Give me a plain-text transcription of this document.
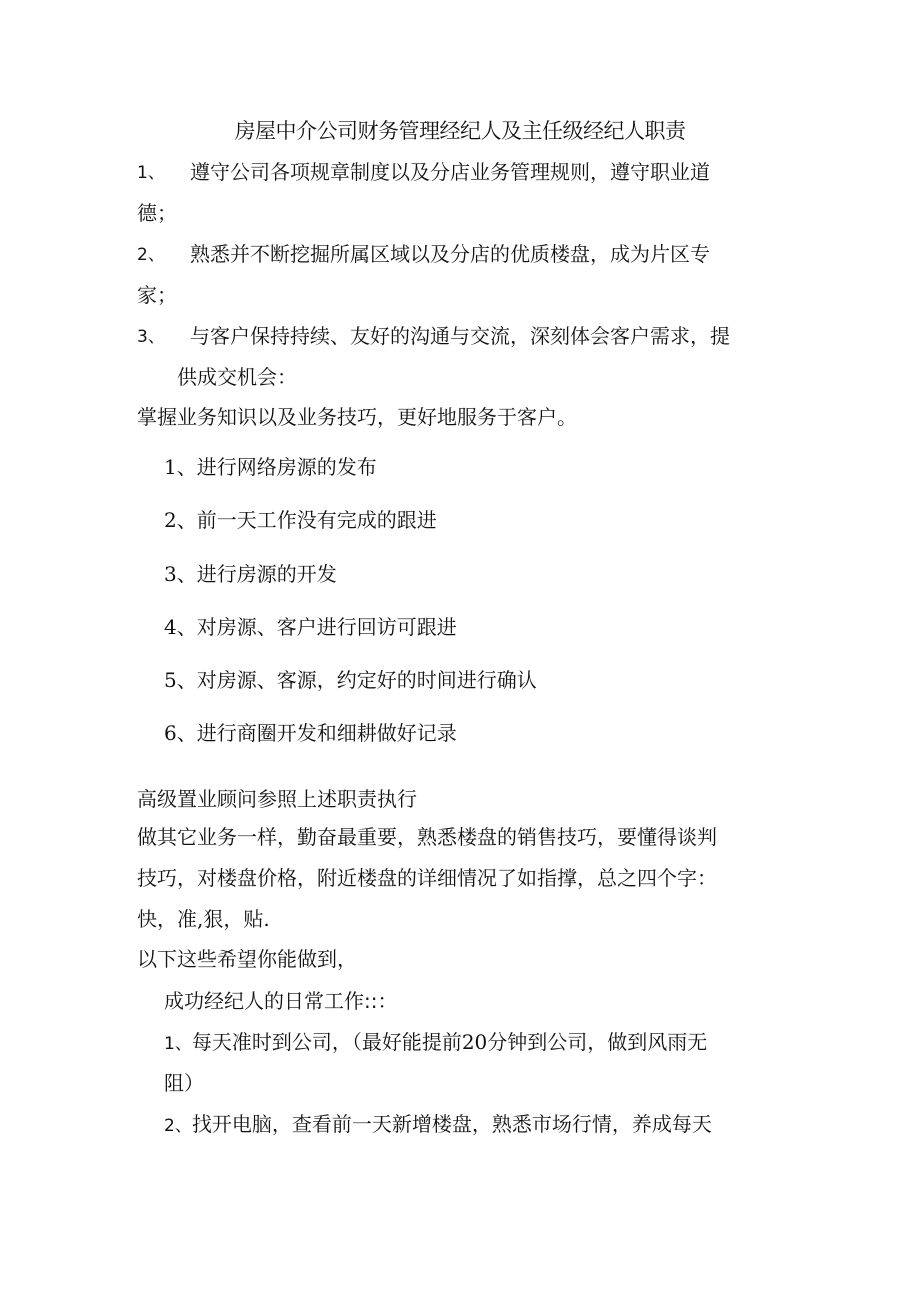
房屋中介公司财务管理经纪人及主任级经纪人职责
1、 遵守公司各项规章制度以及分店业务管理规则，遵守职业道
德；
2、 熟悉并不断挖掘所属区域以及分店的优质楼盘，成为片区专
家；
3、 与客户保持持续、友好的沟通与交流，深刻体会客户需求，提
供成交机会：
掌握业务知识以及业务技巧，更好地服务于客户。
1、进行网络房源的发布
2、前一天工作没有完成的跟进
3、进行房源的开发
4、对房源、客户进行回访可跟进
5、对房源、客源，约定好的时间进行确认
6、进行商圈开发和细耕做好记录
高级置业顾问参照上述职责执行
做其它业务一样，勤奋最重要，熟悉楼盘的销售技巧，要懂得谈判
技巧，对楼盘价格，附近楼盘的详细情况了如指撑，总之四个字：
快，准,狠，贴.
以下这些希望你能做到，
成功经纪人的日常工作::：
1、每天准时到公司，（最好能提前20分钟到公司，做到风雨无
阻）
2、找开电脑，查看前一天新增楼盘，熟悉市场行情，养成每天
